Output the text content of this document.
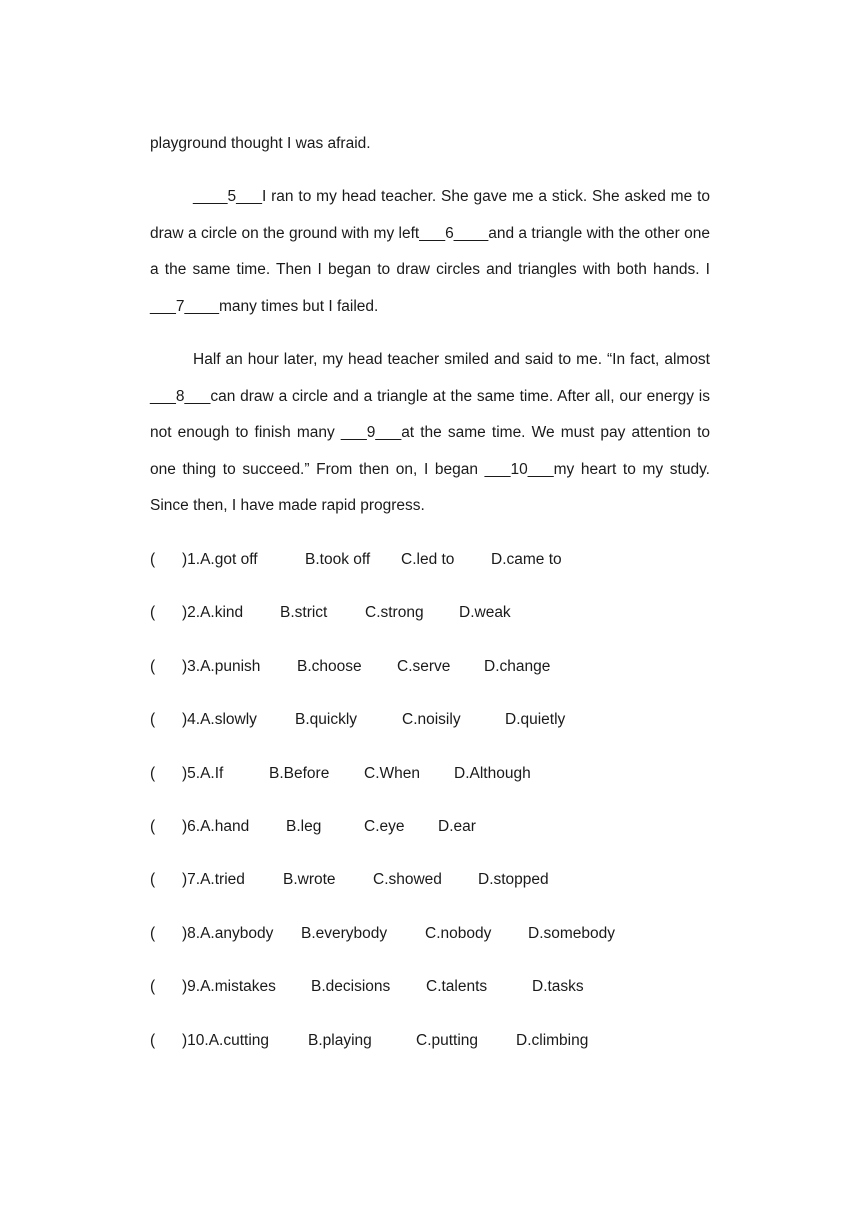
playground thought I was afraid.

____5___I ran to my head teacher. She gave me a stick. She asked me to draw a circle on the ground with my left___6____and a triangle with the other one a the same time. Then I began to draw circles and triangles with both hands. I ___7____many times but I failed.

Half an hour later, my head teacher smiled and said to me. “In fact, almost ___8___can draw a circle and a triangle at the same time. After all, our energy is not enough to finish many ___9___at the same time. We must pay attention to one thing to succeed.” From then on, I began ___10___my heart to my study. Since then, I have made rapid progress.

( )1.A.got off	B.took off C.led to D.came to
( )2.A.kind B.strict C.strong D.weak
( )3.A.punish B.choose C.serve D.change
( )4.A.slowly B.quickly	C.noisily	D.quietly
( )5.A.If	B.Before C.When D.Although
( )6.A.hand B.leg	C.eye D.ear
( )7.A.tried B.wrote C.showed D.stopped
( )8.A.anybody B.everybody C.nobody D.somebody
( )9.A.mistakes B.decisions C.talents	D.tasks
( )10.A.cutting	B.playing	C.putting D.climbing
